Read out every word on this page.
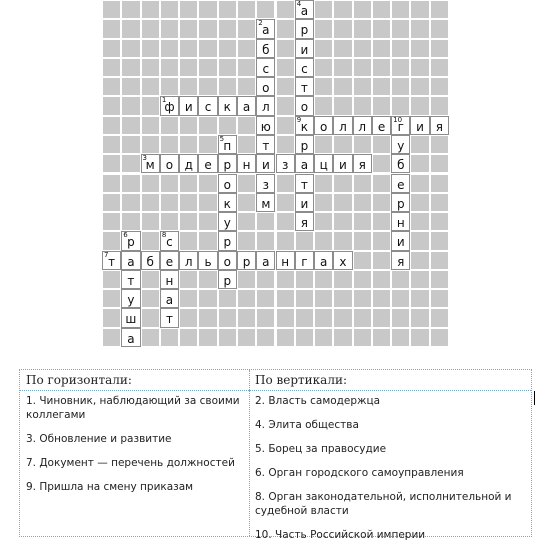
4 а
2 а	р
б	и
с	с
о	т
1
ф и	с	к а л	о
ю	9 к о л л е	10
г	и я
5 п	т	р	у
3
м о д е р н и	з	а ц и я	б
о	з	т	е
к	м	и	р
у	я	н
6 р	8 с	р	и
7 т	а б е л ь	о р а н	г	а	х	я
т	н	р
у	а
ш	т
а
По горизонтали:
1. Чиновник, наблюдающий за своими коллегами
3. Обновление и развитие
7. Документ — перечень должностей
9. Пришла на смену приказам
По вертикали:
2. Власть самодержца
4. Элита общества
5. Борец за правосудие
6. Орган городского самоуправления
8. Орган законодательной, исполнительной и судебной власти
10. Часть Российской империи
